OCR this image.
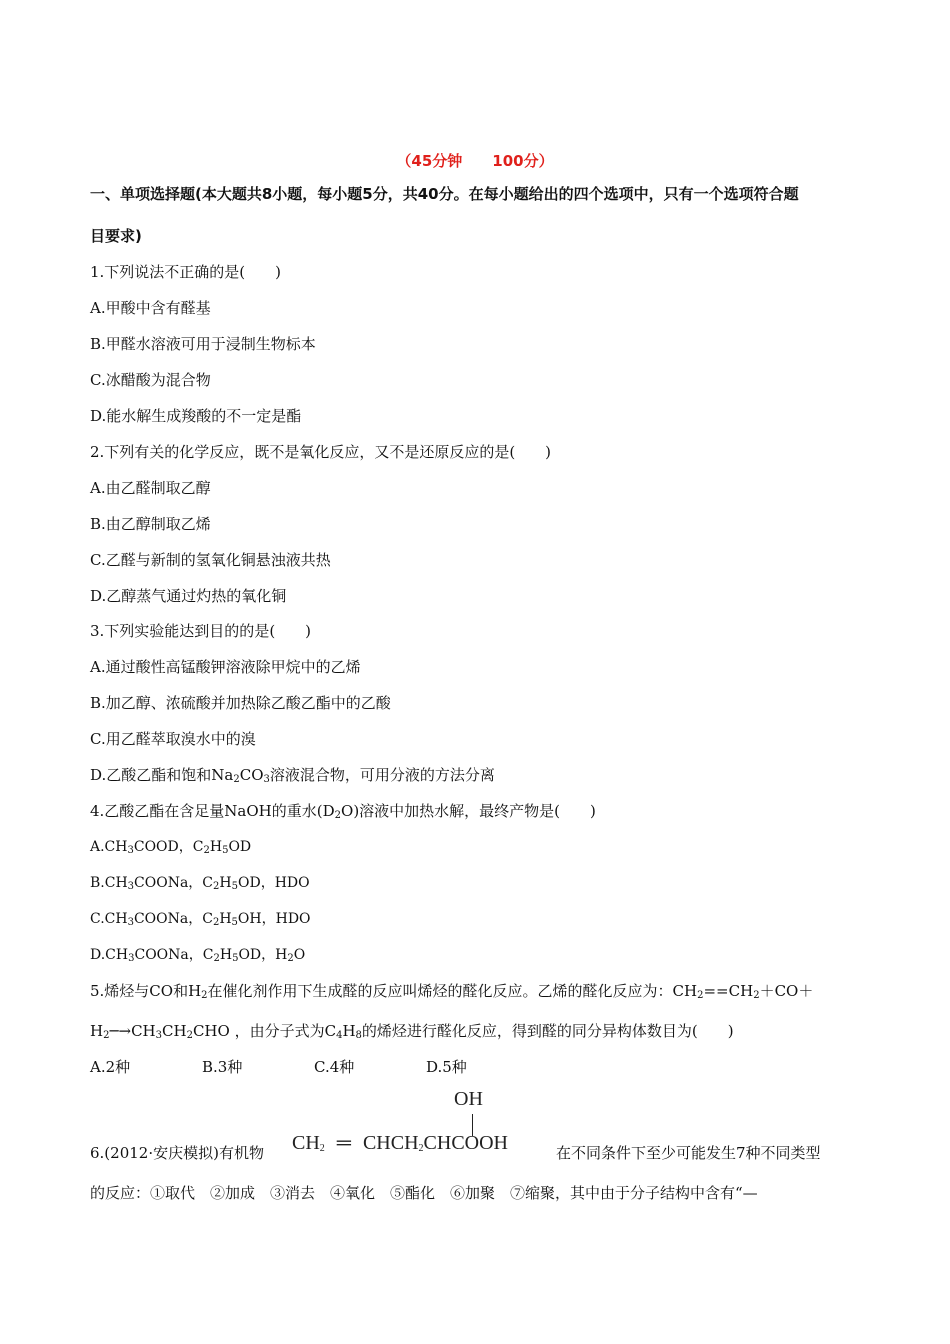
（45分钟　　100分）
一、单项选择题(本大题共8小题，每小题5分，共40分。在每小题给出的四个选项中，只有一个选项符合题
目要求)
1.下列说法不正确的是(　　)
A.甲酸中含有醛基
B.甲醛水溶液可用于浸制生物标本
C.冰醋酸为混合物
D.能水解生成羧酸的不一定是酯
2.下列有关的化学反应，既不是氧化反应，又不是还原反应的是(　　)
A.由乙醛制取乙醇
B.由乙醇制取乙烯
C.乙醛与新制的氢氧化铜悬浊液共热
D.乙醇蒸气通过灼热的氧化铜
3.下列实验能达到目的的是(　　)
A.通过酸性高锰酸钾溶液除甲烷中的乙烯
B.加乙醇、浓硫酸并加热除乙酸乙酯中的乙酸
C.用乙醛萃取溴水中的溴
D.乙酸乙酯和饱和$Na_2CO_3$溶液混合物，可用分液的方法分离
4.乙酸乙酯在含足量NaOH的重水$(D_2O)$溶液中加热水解，最终产物是(　　)
$A.CH_3COOD$，$C_2H_5OD$
$B.CH_3COONa$，$C_2H_5OD$，HDO
$C.CH_3COONa$，$C_2H_5OH$，HDO
$D.CH_3COONa$，$C_2H_5OD$，$H_2O$
5.烯烃与CO和$H_2$在催化剂作用下生成醛的反应叫烯烃的醛化反应。乙烯的醛化反应为：$CH_2==CH_2+CO+$
$H_2─\to CH_3CH_2CHO$ ，由分子式为$C_4H_8$的烯烃进行醛化反应，得到醛的同分异构体数目为(　　)
A.2种	B.3种	C.4种	D.5种
6.(2012·安庆模拟)有机物
OH
$CH_2$ ═ $CHCH_2CHCOOH$	在不同条件下至少可能发生7种不同类型
的反应：①取代　②加成　③消去　④氧化　⑤酯化　⑥加聚　⑦缩聚，其中由于分子结构中含有“—
